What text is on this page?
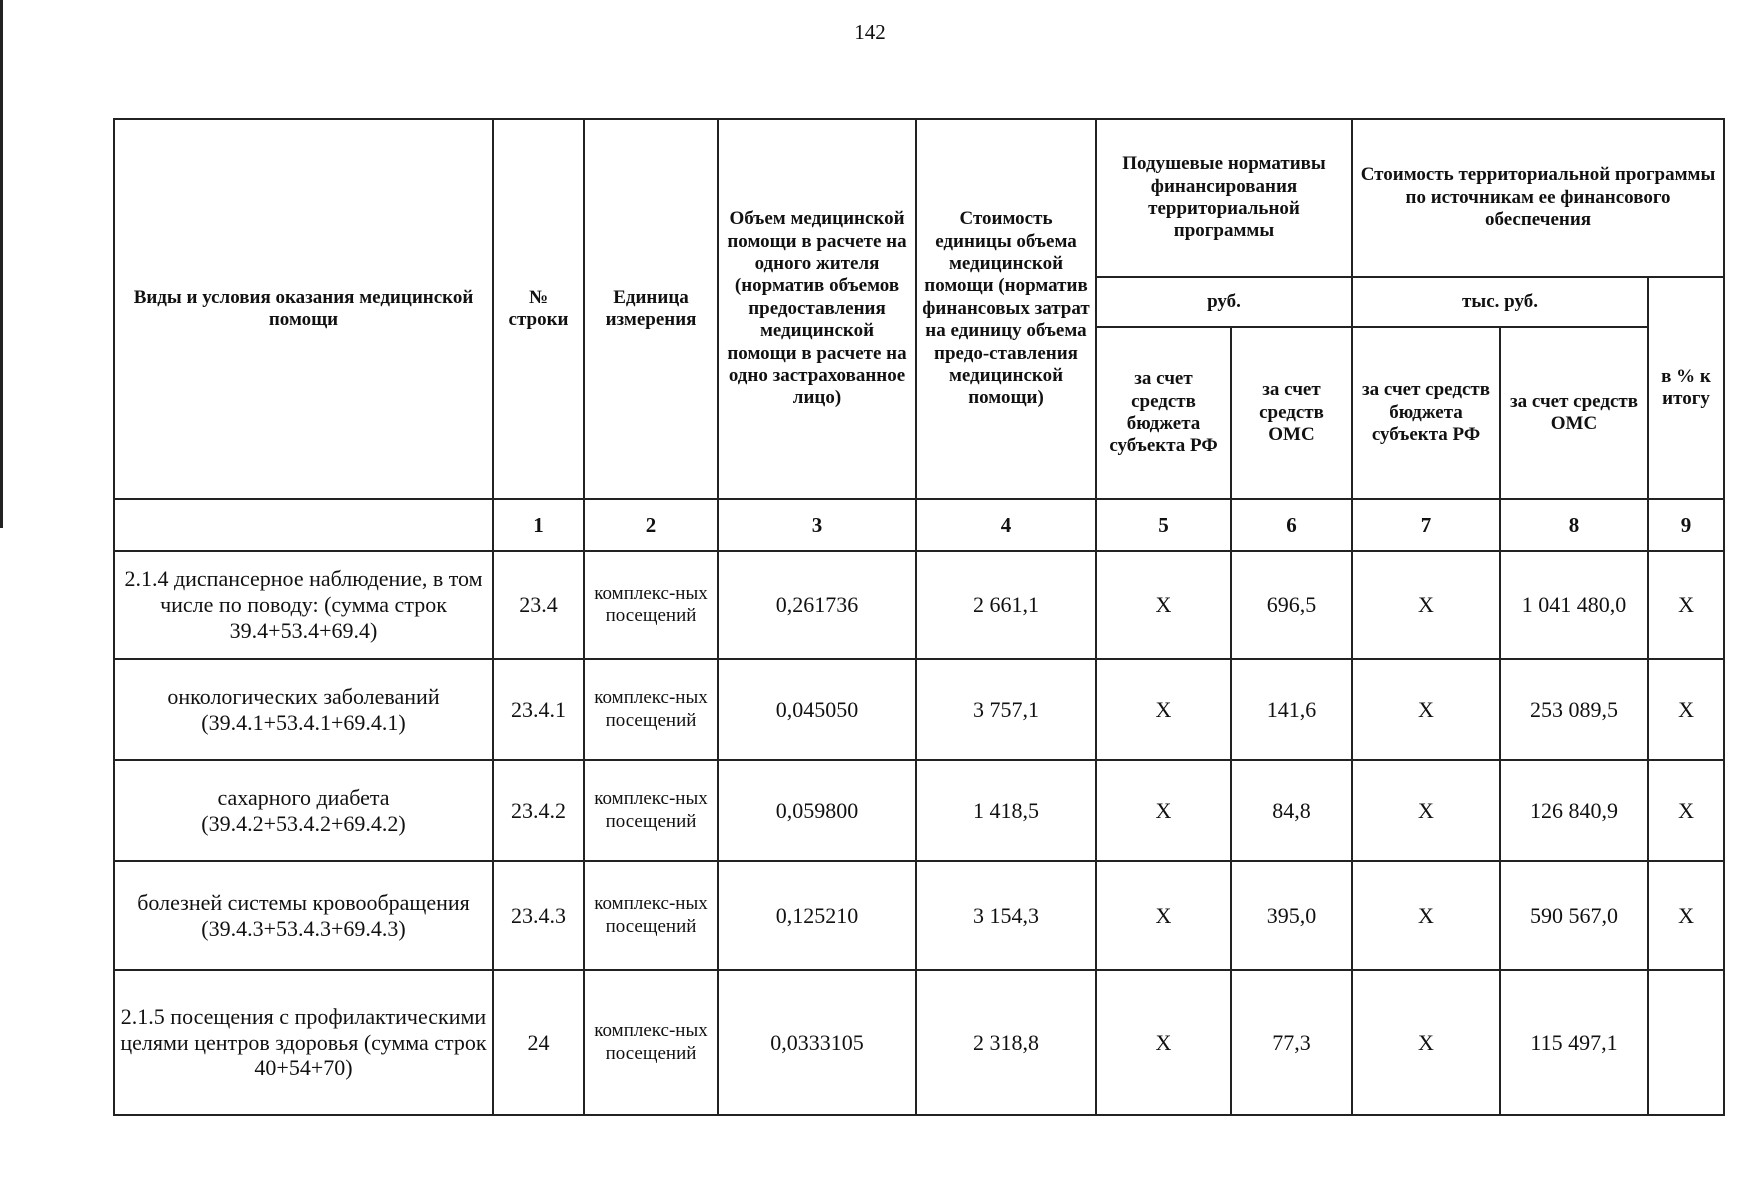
142
Виды и условия оказания медицинской помощи	№ строки	Единица измерения	Объем медицинской помощи в расчете на одного жителя (норматив объемов предоставления медицинской помощи в расчете на одно застрахованное лицо)	Стоимость единицы объема медицинской помощи (норматив финансовых затрат на единицу объема предо-ставления медицинской помощи)	Подушевые нормативы финансирования территориальной программы		Стоимость территориальной программы по источникам ее финансового обеспечения		
					руб.		тыс. руб.		в % к итогу
					за счет средств бюджета субъекта РФ	за счет средств ОМС	за счет средств бюджета субъекта РФ	за счет средств ОМС	
	1	2	3	4	5	6	7	8	9
2.1.4 диспансерное наблюдение, в том числе по поводу: (сумма строк 39.4+53.4+69.4)	23.4	комплекс-ных посещений	0,261736	2 661,1	X	696,5	X	1 041 480,0	X
онкологических заболеваний (39.4.1+53.4.1+69.4.1)	23.4.1	комплекс-ных посещений	0,045050	3 757,1	X	141,6	X	253 089,5	X
сахарного диабета (39.4.2+53.4.2+69.4.2)	23.4.2	комплекс-ных посещений	0,059800	1 418,5	X	84,8	X	126 840,9	X
болезней системы кровообращения (39.4.3+53.4.3+69.4.3)	23.4.3	комплекс-ных посещений	0,125210	3 154,3	X	395,0	X	590 567,0	X
2.1.5 посещения с профилактическими целями центров здоровья (сумма строк 40+54+70)	24	комплекс-ных посещений	0,0333105	2 318,8	X	77,3	X	115 497,1	
